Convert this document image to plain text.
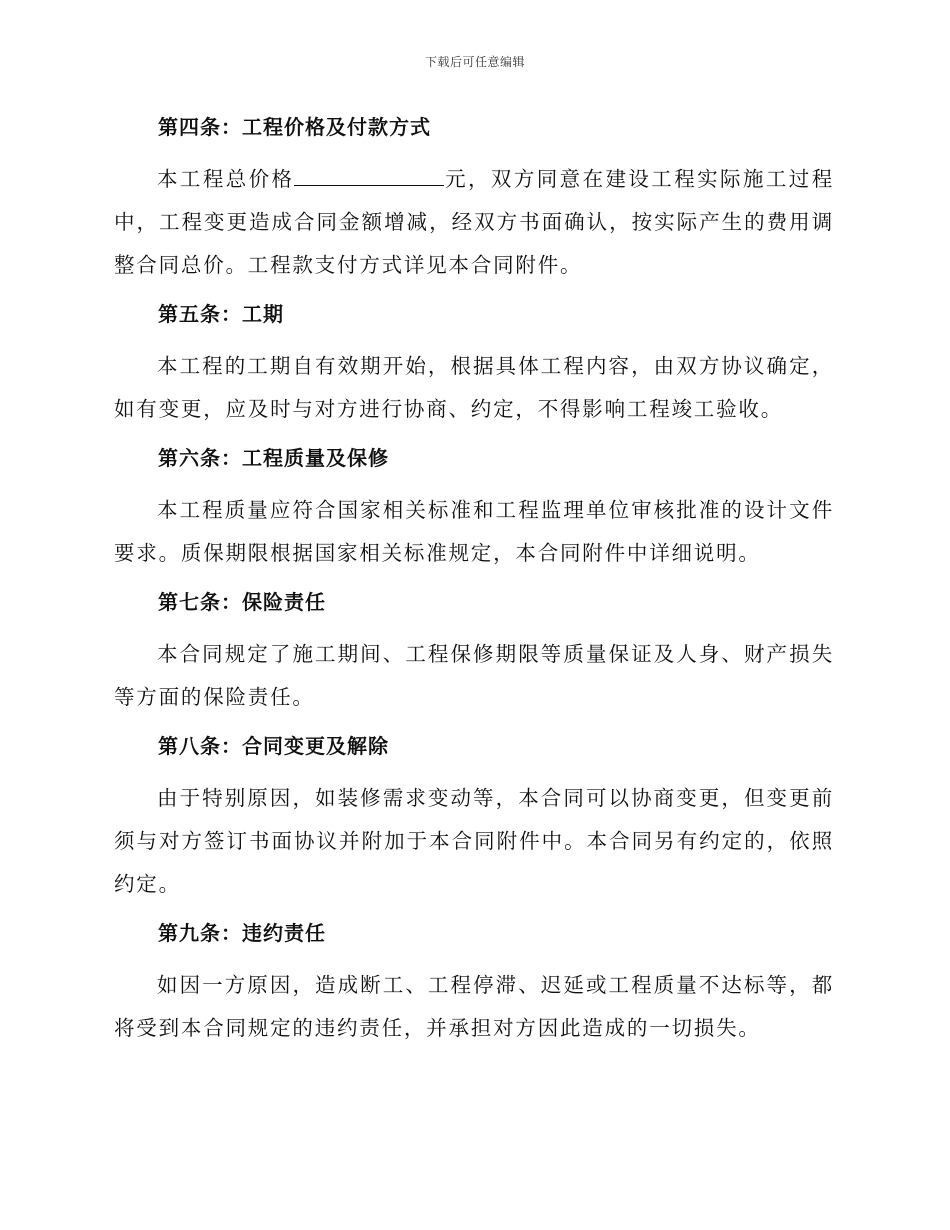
下载后可任意编辑
第四条：工程价格及付款方式

本工程总价格	元，双方同意在建设工程实际施工过程中，工程变更造成合同金额增减，经双方书面确认，按实际产生的费用调整合同总价。工程款支付方式详见本合同附件。

第五条：工期

本工程的工期自有效期开始，根据具体工程内容，由双方协议确定，如有变更，应及时与对方进行协商、约定，不得影响工程竣工验收。

第六条：工程质量及保修

本工程质量应符合国家相关标准和工程监理单位审核批准的设计文件要求。质保期限根据国家相关标准规定，本合同附件中详细说明。

第七条：保险责任

本合同规定了施工期间、工程保修期限等质量保证及人身、财产损失等方面的保险责任。

第八条：合同变更及解除

由于特别原因，如装修需求变动等，本合同可以协商变更，但变更前须与对方签订书面协议并附加于本合同附件中。本合同另有约定的，依照约定。

第九条：违约责任

如因一方原因，造成断工、工程停滞、迟延或工程质量不达标等，都将受到本合同规定的违约责任，并承担对方因此造成的一切损失。
